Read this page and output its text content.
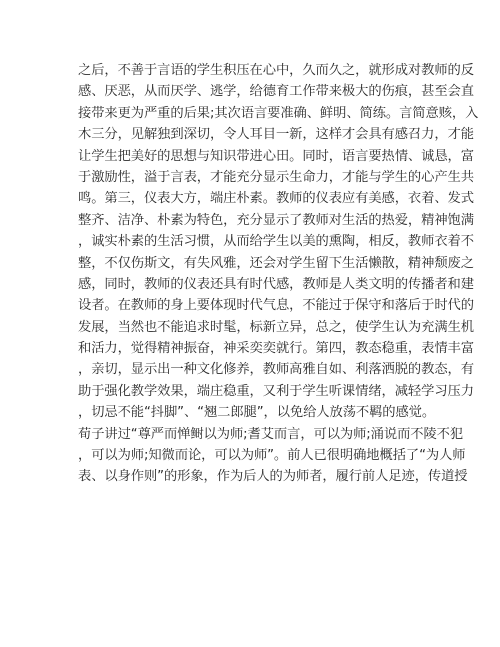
之后，不善于言语的学生积压在心中，久而久之，就形成对教师的反
感、厌恶，从而厌学、逃学，给德育工作带来极大的伤痕，甚至会直
接带来更为严重的后果;其次语言要准确、鲜明、简练。言简意赅，入
木三分，见解独到深切，令人耳目一新，这样才会具有感召力，才能
让学生把美好的思想与知识带进心田。同时，语言要热情、诚恳，富
于激励性，溢于言表，才能充分显示生命力，才能与学生的心产生共
鸣。第三，仪表大方，端庄朴素。教师的仪表应有美感，衣着、发式
整齐、洁净、朴素为特色，充分显示了教师对生活的热爱，精神饱满
，诚实朴素的生活习惯，从而给学生以美的熏陶，相反，教师衣着不
整，不仅伤斯文，有失风雅，还会对学生留下生活懒散，精神颓废之
感，同时，教师的仪表还具有时代感，教师是人类文明的传播者和建
设者。在教师的身上要体现时代气息，不能过于保守和落后于时代的
发展，当然也不能追求时髦，标新立异，总之，使学生认为充满生机
和活力，觉得精神振奋，神采奕奕就行。第四，教态稳重，表情丰富
，亲切，显示出一种文化修养，教师高雅自如、利落洒脱的教态，有
助于强化教学效果，端庄稳重，又利于学生听课情绪，减轻学习压力
，切忌不能“抖脚”、“翘二郎腿”，以免给人放荡不羁的感觉。
荀子讲过“尊严而惮鲥以为师;耆艾而言，可以为师;涌说而不陵不犯
，可以为师;知微而论，可以为师”。前人已很明确地概括了“为人师
表、以身作则”的形象，作为后人的为师者，履行前人足迹，传道授
